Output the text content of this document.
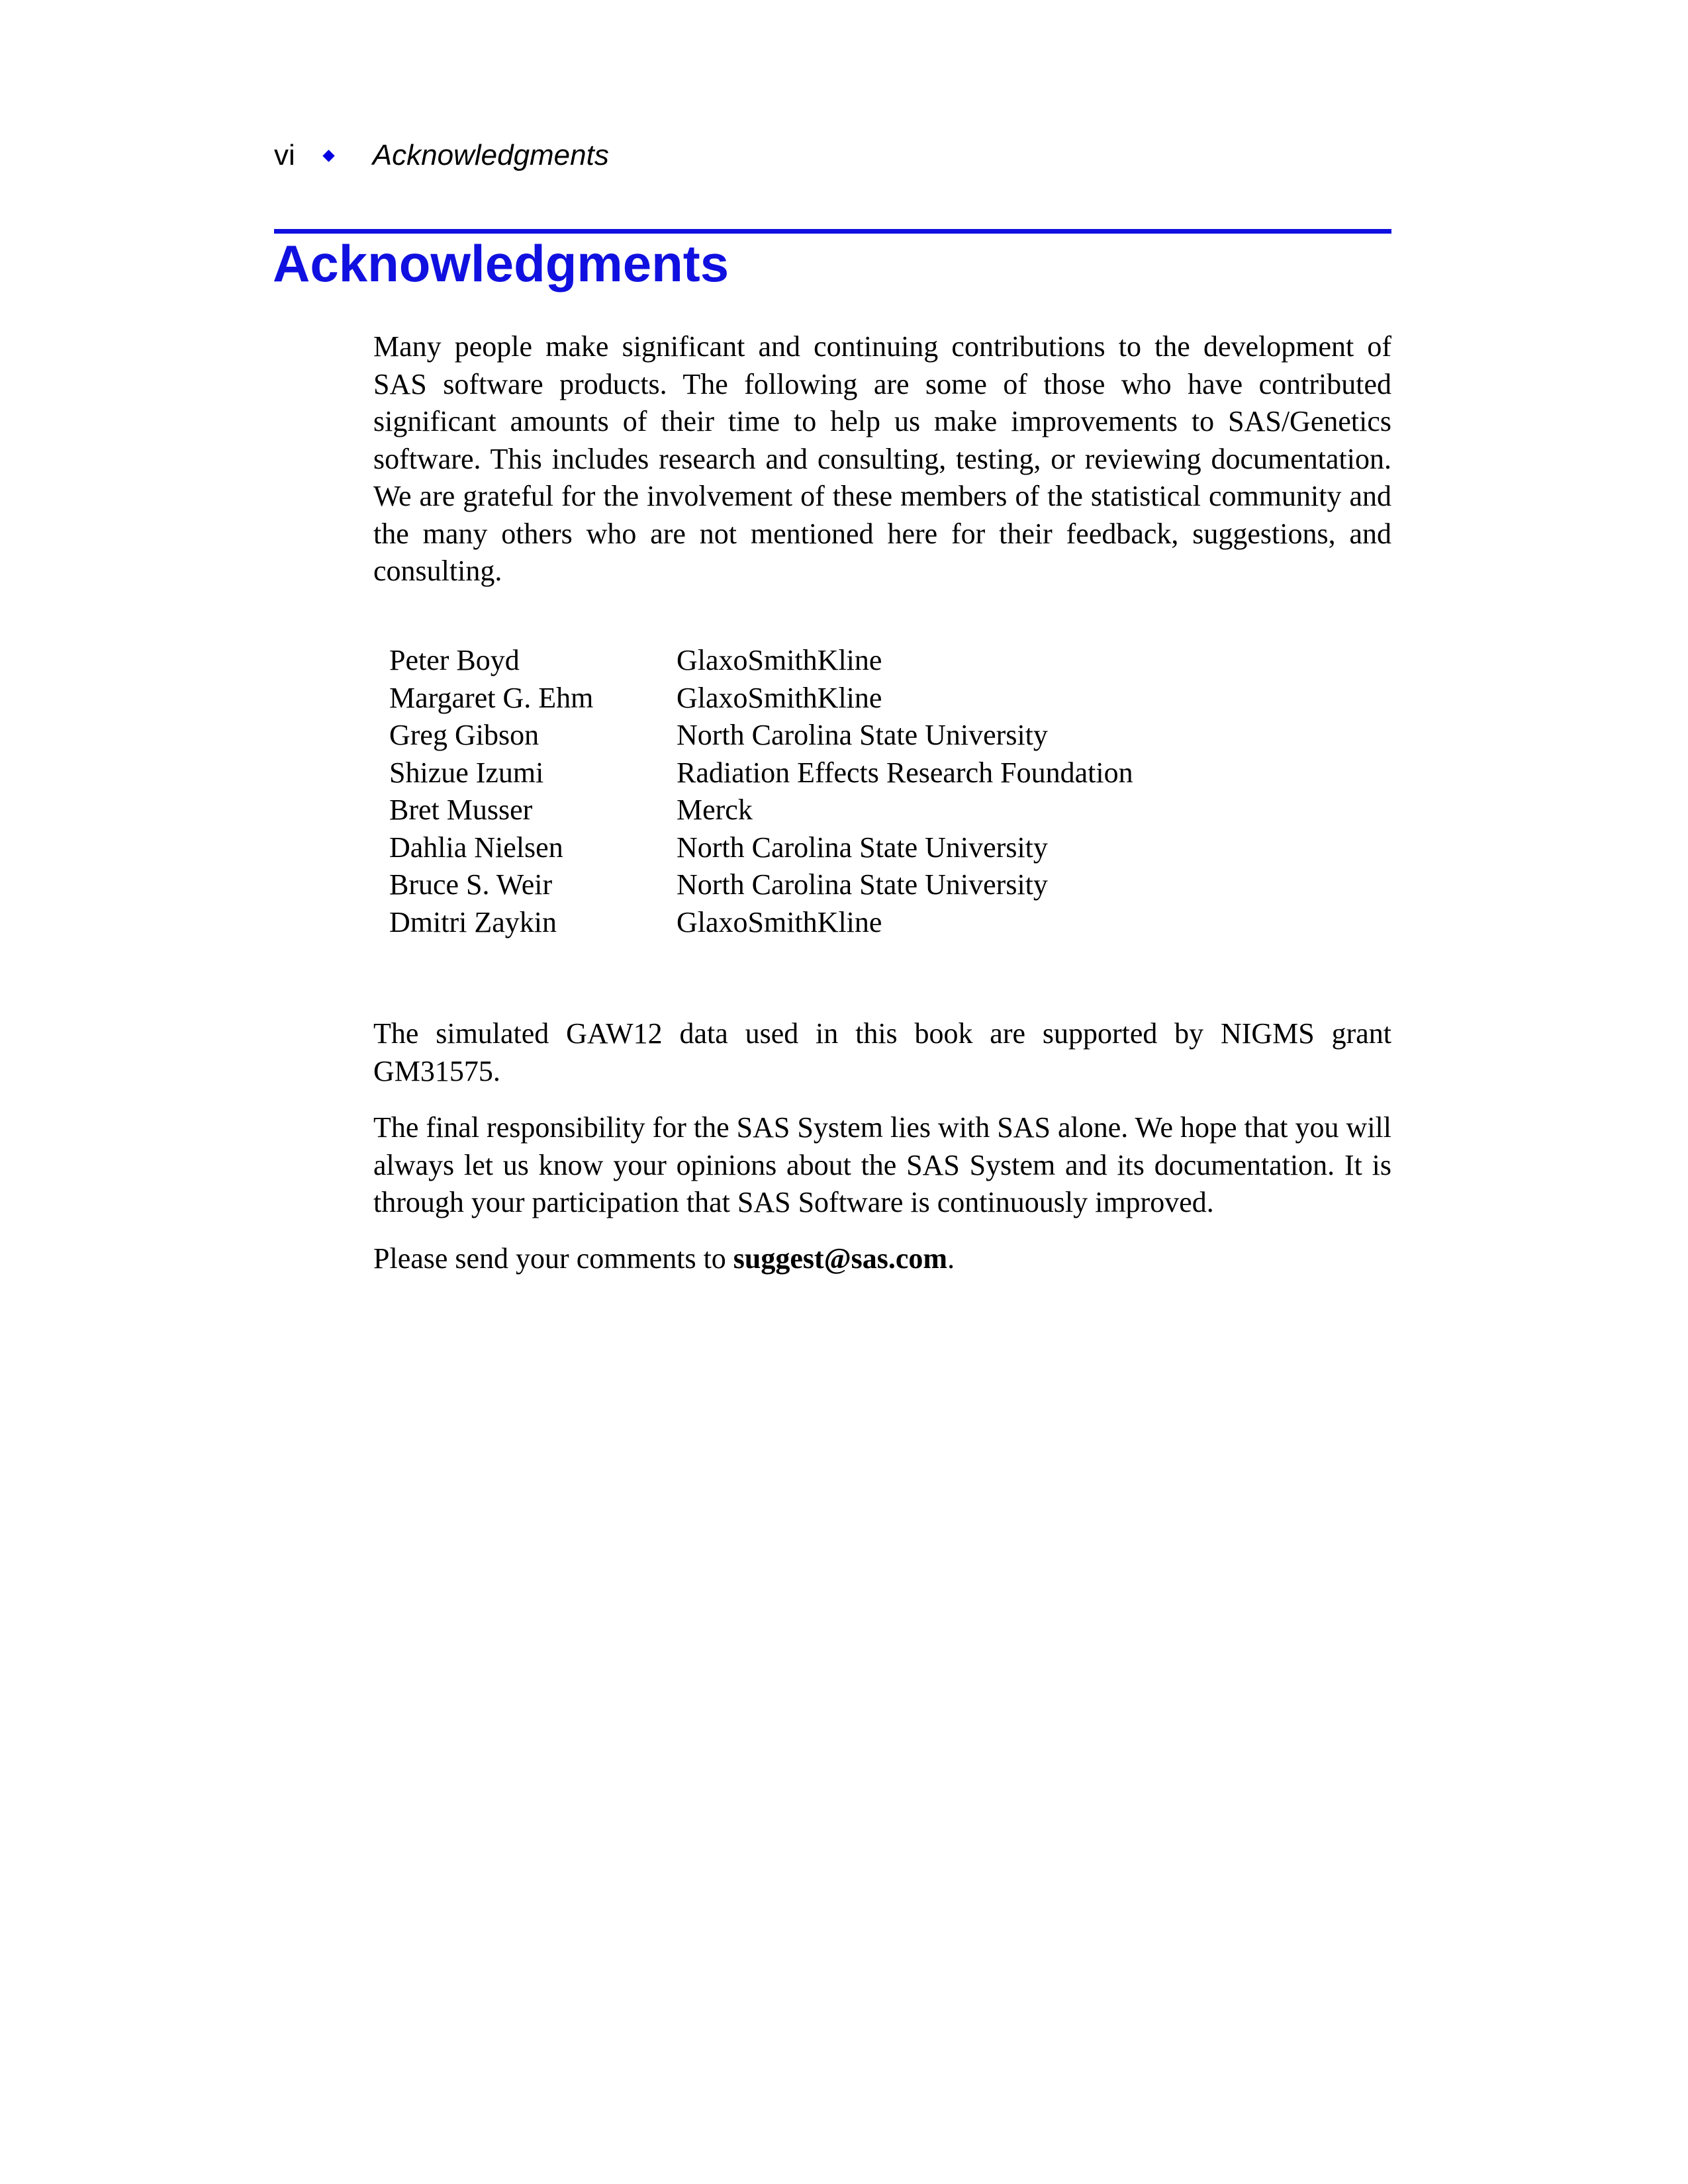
vi	Acknowledgments
Acknowledgments

Many people make significant and continuing contributions to the development of SAS software products. The following are some of those who have contributed significant amounts of their time to help us make improvements to SAS/Genetics software. This includes research and consulting, testing, or reviewing documentation. We are grateful for the involvement of these members of the statistical community and the many others who are not mentioned here for their feedback, suggestions, and consulting.

Peter Boyd	GlaxoSmithKline
Margaret G. Ehm	GlaxoSmithKline
Greg Gibson	North Carolina State University
Shizue Izumi	Radiation Effects Research Foundation
Bret Musser	Merck
Dahlia Nielsen	North Carolina State University
Bruce S. Weir	North Carolina State University
Dmitri Zaykin	GlaxoSmithKline

The simulated GAW12 data used in this book are supported by NIGMS grant GM31575.

The final responsibility for the SAS System lies with SAS alone. We hope that you will always let us know your opinions about the SAS System and its documentation. It is through your participation that SAS Software is continuously improved.

Please send your comments to suggest@sas.com.
